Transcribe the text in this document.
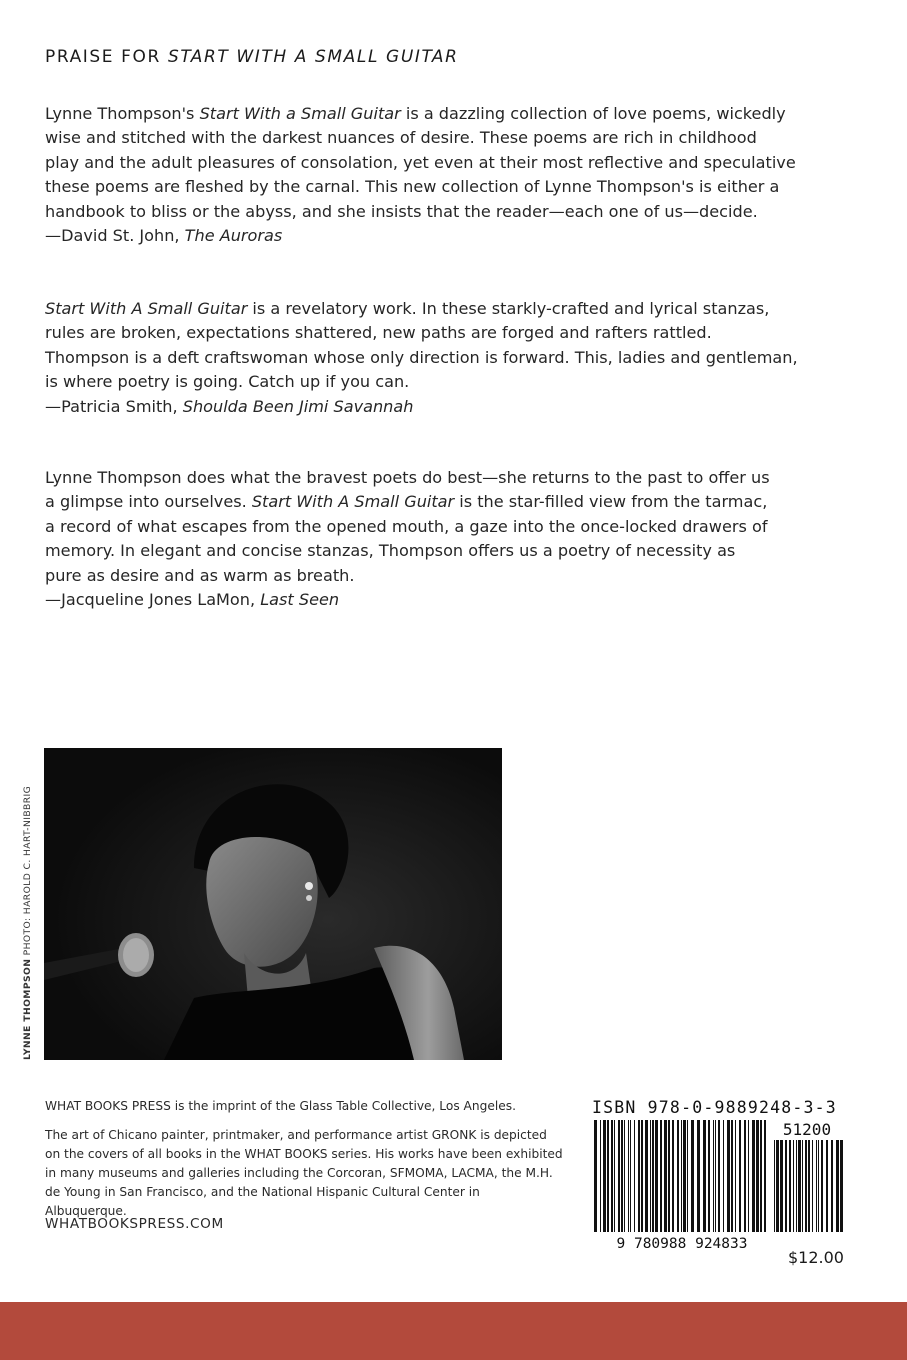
PRAISE FOR START WITH A SMALL GUITAR

Lynne Thompson's Start With a Small Guitar is a dazzling collection of love poems, wickedly

wise and stitched with the darkest nuances of desire. These poems are rich in childhood

play and the adult pleasures of consolation, yet even at their most reflective and speculative

these poems are fleshed by the carnal. This new collection of Lynne Thompson's is either a

handbook to bliss or the abyss, and she insists that the reader—each one of us—decide.

—David St. John, The Auroras

Start With A Small Guitar is a revelatory work. In these starkly-crafted and lyrical stanzas,

rules are broken, expectations shattered, new paths are forged and rafters rattled.

Thompson is a deft craftswoman whose only direction is forward. This, ladies and gentleman,

is where poetry is going. Catch up if you can.

—Patricia Smith, Shoulda Been Jimi Savannah

Lynne Thompson does what the bravest poets do best—she returns to the past to offer us

a glimpse into ourselves. Start With A Small Guitar is the star-filled view from the tarmac,

a record of what escapes from the opened mouth, a gaze into the once-locked drawers of

memory. In elegant and concise stanzas, Thompson offers us a poetry of necessity as

pure as desire and as warm as breath.

—Jacqueline Jones LaMon, Last Seen

LYNNE THOMPSON PHOTO: HAROLD C. HART-NIBBRIG
WHAT BOOKS PRESS is the imprint of the Glass Table Collective, Los Angeles.
The art of Chicano painter, printmaker, and performance artist GRONK is depicted on the covers of all books in the WHAT BOOKS series. His works have been exhibited in many museums and galleries including the Corcoran, SFMOMA, LACMA, the M.H. de Young in San Francisco, and the National Hispanic Cultural Center in Albuquerque.
WHATBOOKSPRESS.COM
ISBN 978-0-9889248-3-3
51200
9 780988 924833
$12.00
